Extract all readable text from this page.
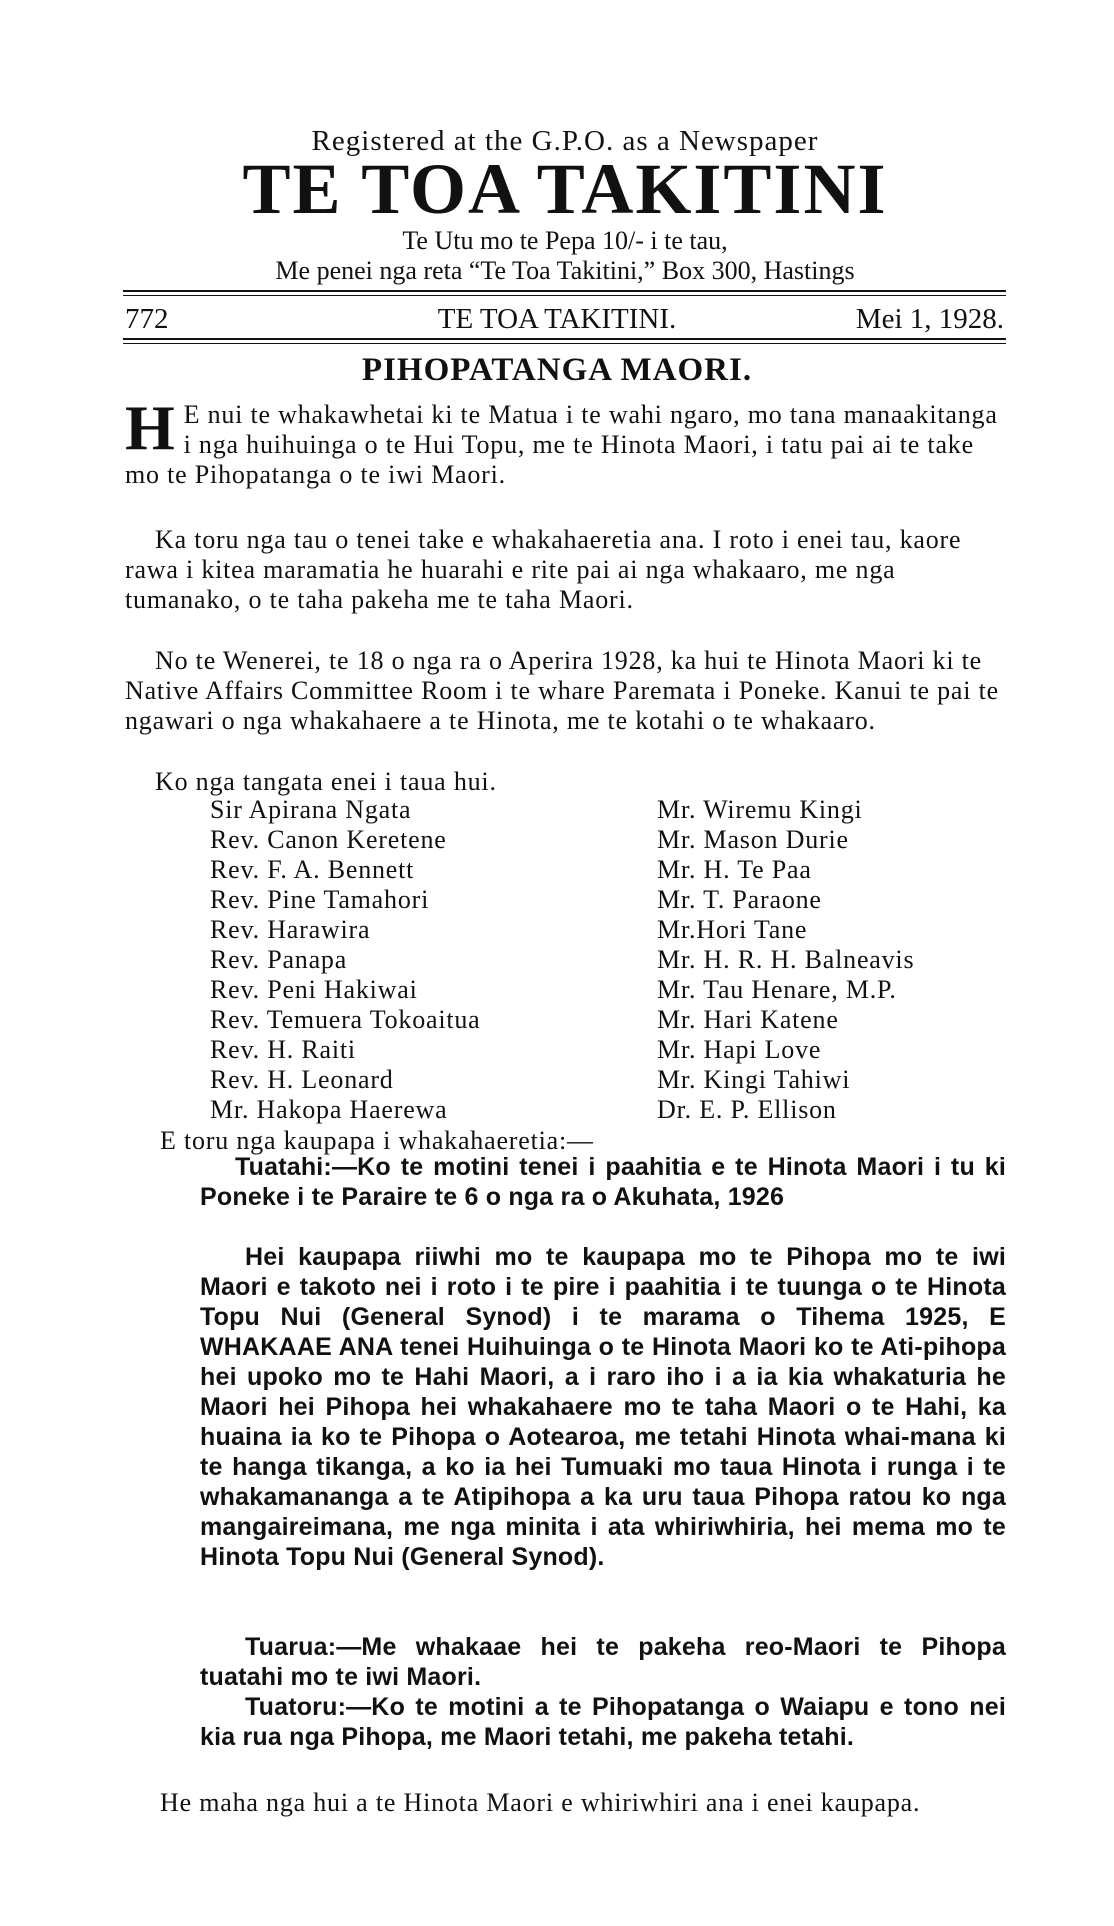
Registered at the G.P.O. as a Newspaper
TE TOA TAKITINI
Te Utu mo te Pepa 10/- i te tau,
Me penei nga reta “Te Toa Takitini,” Box 300, Hastings
772	TE TOA TAKITINI.	Mei 1, 1928.
PIHOPATANGA MAORI.
H E nui te whakawhetai ki te Matua i te wahi ngaro, mo tana manaakitanga i nga huihuinga o te Hui Topu, me te Hinota Maori, i tatu pai ai te take mo te Pihopatanga o te iwi Maori.
Ka toru nga tau o tenei take e whakahaeretia ana. I roto i enei tau, kaore rawa i kitea maramatia he huarahi e rite pai ai nga whakaaro, me nga tumanako, o te taha pakeha me te taha Maori.
No te Wenerei, te 18 o nga ra o Aperira 1928, ka hui te Hinota Maori ki te Native Affairs Committee Room i te whare Paremata i Poneke. Kanui te pai te ngawari o nga whakahaere a te Hinota, me te kotahi o te whakaaro.
Ko nga tangata enei i taua hui.
Sir Apirana Ngata
Rev. Canon Keretene
Rev. F. A. Bennett
Rev. Pine Tamahori
Rev. Harawira
Rev. Panapa
Rev. Peni Hakiwai
Rev. Temuera Tokoaitua
Rev. H. Raiti
Rev. H. Leonard
Mr. Hakopa Haerewa
Mr. Wiremu Kingi
Mr. Mason Durie
Mr. H. Te Paa
Mr. T. Paraone
Mr.Hori Tane
Mr. H. R. H. Balneavis
Mr. Tau Henare, M.P.
Mr. Hari Katene
Mr. Hapi Love
Mr. Kingi Tahiwi
Dr. E. P. Ellison
E toru nga kaupapa i whakahaeretia:—
Tuatahi:—Ko te motini tenei i paahitia e te Hinota Maori i tu ki Poneke i te Paraire te 6 o nga ra o Akuhata, 1926
Hei kaupapa riiwhi mo te kaupapa mo te Pihopa mo te iwi Maori e takoto nei i roto i te pire i paahitia i te tuunga o te Hinota Topu Nui (General Synod) i te marama o Tihema 1925, E WHAKAAE ANA tenei Huihuinga o te Hinota Maori ko te Ati-pihopa hei upoko mo te Hahi Maori, a i raro iho i a ia kia whakaturia he Maori hei Pihopa hei whakahaere mo te taha Maori o te Hahi, ka huaina ia ko te Pihopa o Aotearoa, me tetahi Hinota whai-mana ki te hanga tikanga, a ko ia hei Tumuaki mo taua Hinota i runga i te whakamananga a te Atipihopa a ka uru taua Pihopa ratou ko nga mangaireimana, me nga minita i ata whiriwhiria, hei mema mo te Hinota Topu Nui (General Synod).
Tuarua:—Me whakaae hei te pakeha reo-Maori te Pihopa tuatahi mo te iwi Maori.
Tuatoru:—Ko te motini a te Pihopatanga o Waiapu e tono nei kia rua nga Pihopa, me Maori tetahi, me pakeha tetahi.
He maha nga hui a te Hinota Maori e whiriwhiri ana i enei kaupapa.
